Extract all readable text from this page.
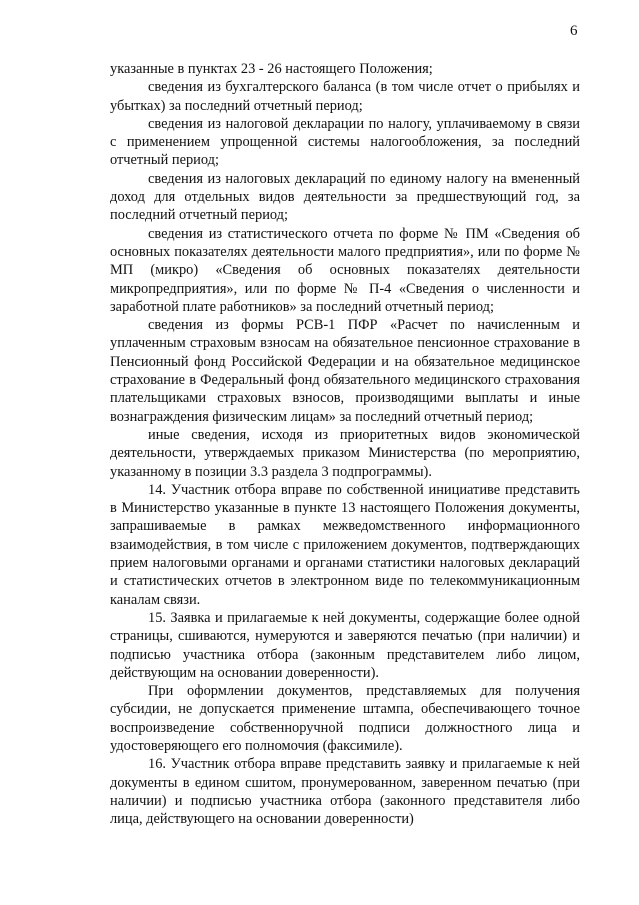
6

указанные в пунктах 23 - 26 настоящего Положения;

сведения из бухгалтерского баланса (в том числе отчет о прибылях и убытках) за последний отчетный период;

сведения из налоговой декларации по налогу, уплачиваемому в связи с применением упрощенной системы налогообложения, за последний отчетный период;

сведения из налоговых деклараций по единому налогу на вмененный доход для отдельных видов деятельности за предшествующий год, за последний отчетный период;

сведения из статистического отчета по форме № ПМ «Сведения об основных показателях деятельности малого предприятия», или по форме № МП (микро) «Сведения об основных показателях деятельности микропредприятия», или по форме № П-4 «Сведения о численности и заработной плате работников» за последний отчетный период;

сведения из формы РСВ-1 ПФР «Расчет по начисленным и уплаченным страховым взносам на обязательное пенсионное страхование в Пенсионный фонд Российской Федерации и на обязательное медицинское страхование в Федеральный фонд обязательного медицинского страхования плательщиками страховых взносов, производящими выплаты и иные вознаграждения физическим лицам» за последний отчетный период;

иные сведения, исходя из приоритетных видов экономической деятельности, утверждаемых приказом Министерства (по мероприятию, указанному в позиции 3.3 раздела 3 подпрограммы).

14. Участник отбора вправе по собственной инициативе представить в Министерство указанные в пункте 13 настоящего Положения документы, запрашиваемые в рамках межведомственного информационного взаимодействия, в том числе с приложением документов, подтверждающих прием налоговыми органами и органами статистики налоговых деклараций и статистических отчетов в электронном виде по телекоммуникационным каналам связи.

15. Заявка и прилагаемые к ней документы, содержащие более одной страницы, сшиваются, нумеруются и заверяются печатью (при наличии) и подписью участника отбора (законным представителем либо лицом, действующим на основании доверенности).

При оформлении документов, представляемых для получения субсидии, не допускается применение штампа, обеспечивающего точное воспроизведение собственноручной подписи должностного лица и удостоверяющего его полномочия (факсимиле).

16. Участник отбора вправе представить заявку и прилагаемые к ней документы в едином сшитом, пронумерованном, заверенном печатью (при наличии) и подписью участника отбора (законного представителя либо лица, действующего на основании доверенности)
